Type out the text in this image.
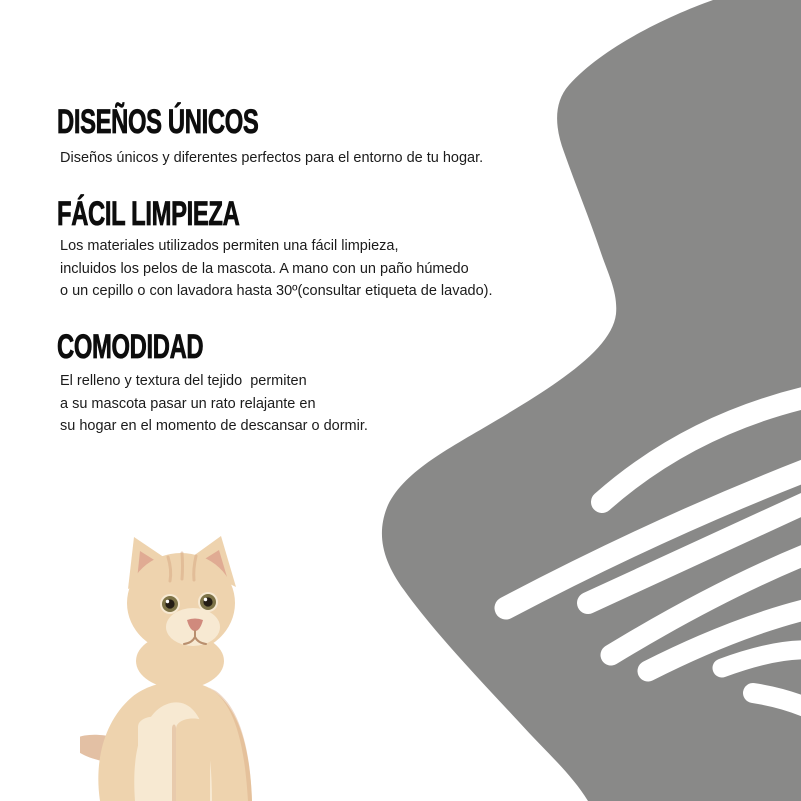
DISEÑOS ÚNICOS

Diseños únicos y diferentes perfectos para el entorno de tu hogar.

FÁCIL LIMPIEZA
Los materiales utilizados permiten una fácil limpieza,
incluidos los pelos de la mascota. A mano con un paño húmedo
o un cepillo o con lavadora hasta 30º(consultar etiqueta de lavado).
COMODIDAD
El relleno y textura del tejido  permiten
a su mascota pasar un rato relajante en
su hogar en el momento de descansar o dormir.
